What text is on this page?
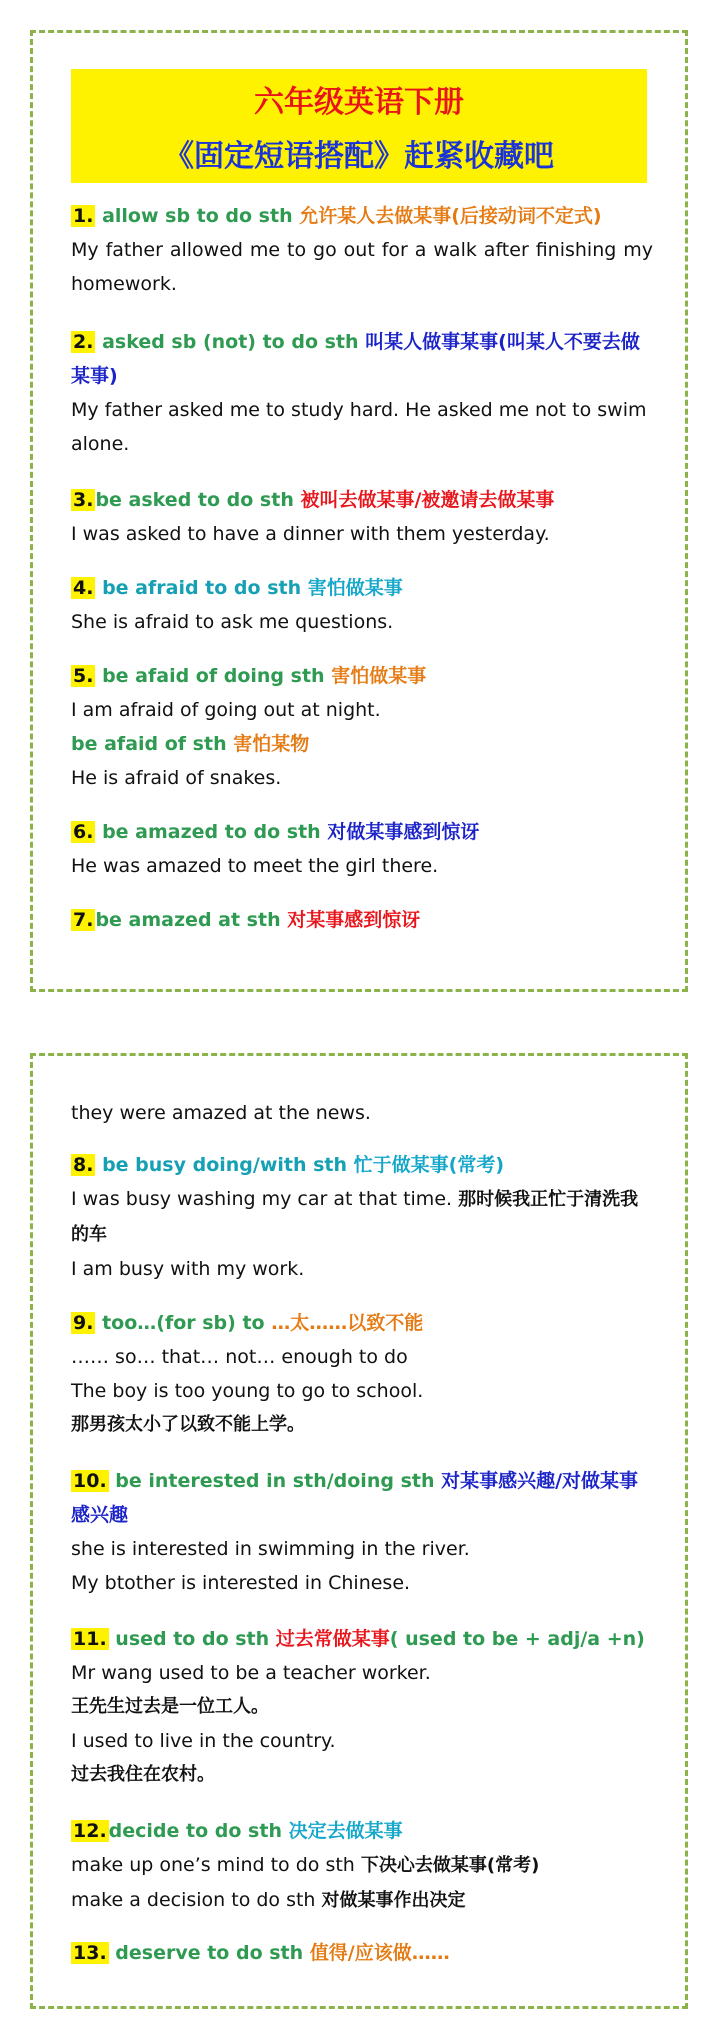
六年级英语下册
《固定短语搭配》赶紧收藏吧
1. allow sb to do sth 允许某人去做某事(后接动词不定式)
My father allowed me to go out for a walk after finishing my homework.
2. asked sb (not) to do sth 叫某人做事某事(叫某人不要去做某事)
My father asked me to study hard. He asked me not to swim alone.
3. be asked to do sth 被叫去做某事/被邀请去做某事
I was asked to have a dinner with them yesterday.
4. be afraid to do sth 害怕做某事
She is afraid to ask me questions.
5. be afaid of doing sth 害怕做某事
I am afraid of going out at night.
be afaid of sth 害怕某物
He is afraid of snakes.
6. be amazed to do sth 对做某事感到惊讶
He was amazed to meet the girl there.
7. be amazed at sth 对某事感到惊讶
they were amazed at the news.
8. be busy doing/with sth 忙于做某事(常考)
I was busy washing my car at that time. 那时候我正忙于清洗我的车
I am busy with my work.
9. too…(for sb) to …太……以致不能
…… so… that… not… enough to do
The boy is too young to go to school.
那男孩太小了以致不能上学。
10. be interested in sth/doing sth 对某事感兴趣/对做某事感兴趣
she is interested in swimming in the river.
My btother is interested in Chinese.
11. used to do sth 过去常做某事( used to be + adj/a +n)
Mr wang used to be a teacher worker.
王先生过去是一位工人。
I used to live in the country.
过去我住在农村。
12. decide to do sth 决定去做某事
make up one’s mind to do sth 下决心去做某事(常考)
make a decision to do sth 对做某事作出决定
13. deserve to do sth 值得/应该做……
